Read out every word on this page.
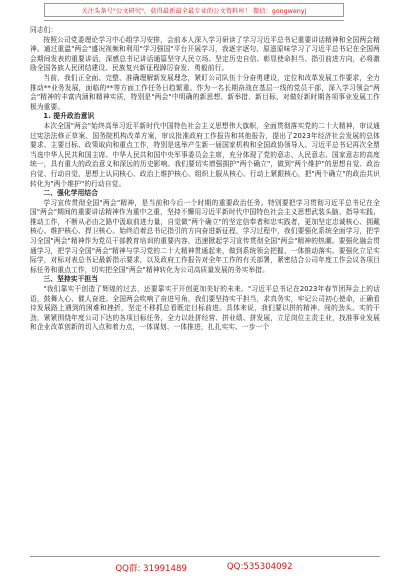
关注头条号"公文研究"，获得最新最全最专业的公文资料库！ 微信：gongwenyj

同志们：

按照公司党委理论学习中心组学习安排，会前本人深入学习研读了学习习近平总书记重要讲话精神和全国两会精神。通过重温"两会"盛况视频和利用"学习强国"平台开展学习，我逐字逐句、原滋原味学习了习近平总书记在全国两会期间发表的重要讲话，深感总书记讲话通篇坚守人民立场、坚定历史自信、彰显使命担当、指引前进方向，必将激励全国各族人民团结建设、民族复兴新征程踔厉奋发、勇毅前行。

当前，我们正全面、完整、准确理解新发展理念，紧盯公司队伍十分奋勇建设，定位和改革发展工作要求，全力推动**业务发展，面临的**等方面工作任务日趋繁重。作为一名长期奋战在基层一线的党员干部，深入学习领会"两会"精神的丰富内涵和精神实质，特别是"两会"中明确的新思想、新举措、新目标，对做好新时期各项事业发展工作极为重要。

1. 提升政治意识

本次全国"两会"始终高举习近平新时代中国特色社会主义思想伟大旗帜，全面贯彻落实党的二十大精神，审议通过宪法法修正草案、国务院机构改革方案，审议批准政府工作报告和其他报告，提出了2023年经济社会发展的总体要求、主要目标、政策取向和重点工作，特别是选举产生新一届国家机构和全国政协领导人。习近平总书记再次全票当选中华人民共和国主席、中华人民共和国中央军事委员会主席，充分体现了党的意志、人民意志、国家意志的高度统一，具有重大的政治意义和深远的历史影响。我们要切实增强拥护"两个确立"，做到"两个维护"的思想自觉、政治自觉、行动自觉，思想上认同核心、政治上维护核心、组织上服从核心、行动上紧跟核心，把"两个确立"的政治共识转化为"两个维护"的行动自觉。

二、强化学用结合

学习宣传贯彻全国"两会"精神，是当前和今后一个时期的重要政治任务。特别要把学习贯彻习近平总书记在全国"两会"期间的重要讲话精神作为重中之重，坚持不懈用习近平新时代中国特色社会主义思想武装头脑、指导实践、推动工作，不断从必由之路中汲取前进力量，自觉做"两个确立"的坚定信奉者和忠实践者，更加坚定忠诚核心、拥戴核心、维护核心、捍卫核心。始终沿着总书记指引的方向奋进新征程，学习过程中，我们要强化系统全面学习，把学习全国"两会"精神作为党员干部教育培训的重要内容，迅速掀起学习宣传贯彻全国"两会"精神的热潮。要强化融会贯通学习，把学习全国"两会"精神与学习党的二十大精神贯通起来，做到系统领会把握、一体推动落实。要强化立足实际学，对标对表总书记最新指示要求，以及政府工作报告对全年工作的有关部署，紧密结合公司年度工作会议各项目标任务和重点工作，切实把全国"两会"精神转化为公司高质量发展的务实举措。

三、坚持实干担当

"我们靠实干创造了辉煌的过去，还要靠实干开创更加美好的未来。"习近平总书记在2023年春节团拜会上的话语，鼓舞人心、催人奋进。全国两会吹响了奋进号角，我们要坚持实干担当，求真务实，牢记公司初心使命，正确看待发展路上遇到的困难和挫折，坚定不移抓总看既定目标前进。具体来说，我们要以拼的精神、闯的劲头、实的干劲，紧紧围绕年度公司下达的各项目标任务，全力以赴拼经营、拼业绩、拼发展，立足岗位主责主业，找准事业发展和企业改革创新的切入点和着力点，一体谋划、一体推进，扎扎实实、一步一个

QQ群: 31991489	QQ:535304092
